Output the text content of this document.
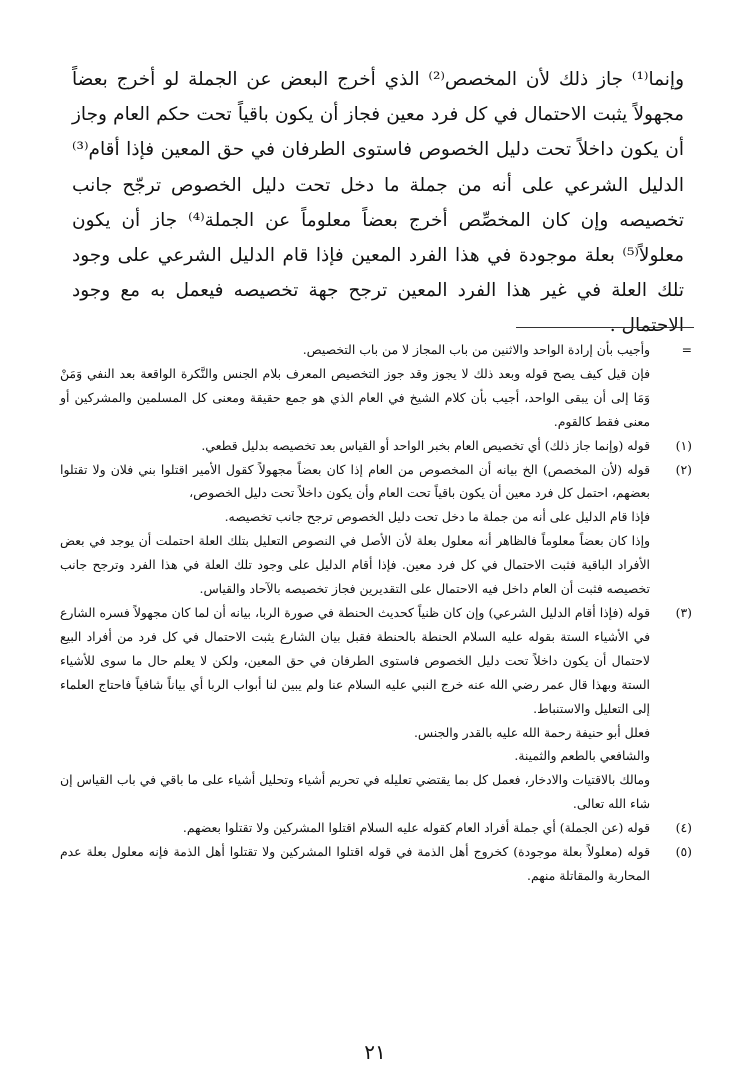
وإنما⁽¹⁾ جاز ذلك لأن المخصص⁽²⁾ الذي أخرج البعض عن الجملة لو أخرج بعضاً مجهولاً يثبت الاحتمال في كل فرد معين فجاز أن يكون باقياً تحت حكم العام وجاز أن يكون داخلاً تحت دليل الخصوص فاستوى الطرفان في حق المعين فإذا أقام⁽³⁾ الدليل الشرعي على أنه من جملة ما دخل تحت دليل الخصوص ترجّح جانب تخصيصه وإن كان المخصِّص أخرج بعضاً معلوماً عن الجملة⁽⁴⁾ جاز أن يكون معلولاً⁽⁵⁾ بعلة موجودة في هذا الفرد المعين فإذا قام الدليل الشرعي على وجود تلك العلة في غير هذا الفرد المعين ترجح جهة تخصيصه فيعمل به مع وجود الاحتمال .

=

وأجيب بأن إرادة الواحد والاثنين من باب المجاز لا من باب التخصيص.

فإن قيل كيف يصح قوله وبعد ذلك لا يجوز وقد جوز التخصيص المعرف بلام الجنس والنَّكرة الواقعة بعد النفي وَمَنْ وَمَا إلى أن يبقى الواحد، أجيب بأن كلام الشيخ في العام الذي هو جمع حقيقة ومعنى كل المسلمين والمشركين أو معنى فقط كالقوم.

(١)

قوله (وإنما جاز ذلك) أي تخصيص العام بخبر الواحد أو القياس بعد تخصيصه بدليل قطعي.

(٢)

قوله (لأن المخصص) الخ بيانه أن المخصوص من العام إذا كان بعضاً مجهولاً كقول الأمير اقتلوا بني فلان ولا تقتلوا بعضهم، احتمل كل فرد معين أن يكون باقياً تحت العام وأن يكون داخلاً تحت دليل الخصوص،

فإذا قام الدليل على أنه من جملة ما دخل تحت دليل الخصوص ترجح جانب تخصيصه.

وإذا كان بعضاً معلوماً فالظاهر أنه معلول بعلة لأن الأصل في النصوص التعليل بتلك العلة احتملت أن يوجد في بعض الأفراد الباقية فثبت الاحتمال في كل فرد معين. فإذا أقام الدليل على وجود تلك العلة في هذا الفرد وترجح جانب تخصيصه فثبت أن العام داخل فيه الاحتمال على التقديرين فجاز تخصيصه بالآحاد والقياس.

(٣)

قوله (فإذا أقام الدليل الشرعي) وإن كان ظنياً كحديث الحنطة في صورة الربا، بيانه أن لما كان مجهولاً فسره الشارع في الأشياء الستة بقوله عليه السلام الحنطة بالحنطة فقبل بيان الشارع يثبت الاحتمال في كل فرد من أفراد البيع لاحتمال أن يكون داخلاً تحت دليل الخصوص فاستوى الطرفان في حق المعين، ولكن لا يعلم حال ما سوى للأشياء الستة وبهذا قال عمر رضي الله عنه خرج النبي عليه السلام عنا ولم يبين لنا أبواب الربا أي بياناً شافياً فاحتاج العلماء إلى التعليل والاستنباط.

فعلل أبو حنيفة رحمة الله عليه بالقدر والجنس.

والشافعي بالطعم والثمينة.

ومالك بالاقتيات والادخار، فعمل كل بما يقتضي تعليله في تحريم أشياء وتحليل أشياء على ما باقي في باب القياس إن شاء الله تعالى.

(٤)

قوله (عن الجملة) أي جملة أفراد العام كقوله عليه السلام اقتلوا المشركين ولا تقتلوا بعضهم.

(٥)

قوله (معلولاً بعلة موجودة) كخروج أهل الذمة في قوله اقتلوا المشركين ولا تقتلوا أهل الذمة فإنه معلول بعلة عدم المحاربة والمقاتلة منهم.

٢١
